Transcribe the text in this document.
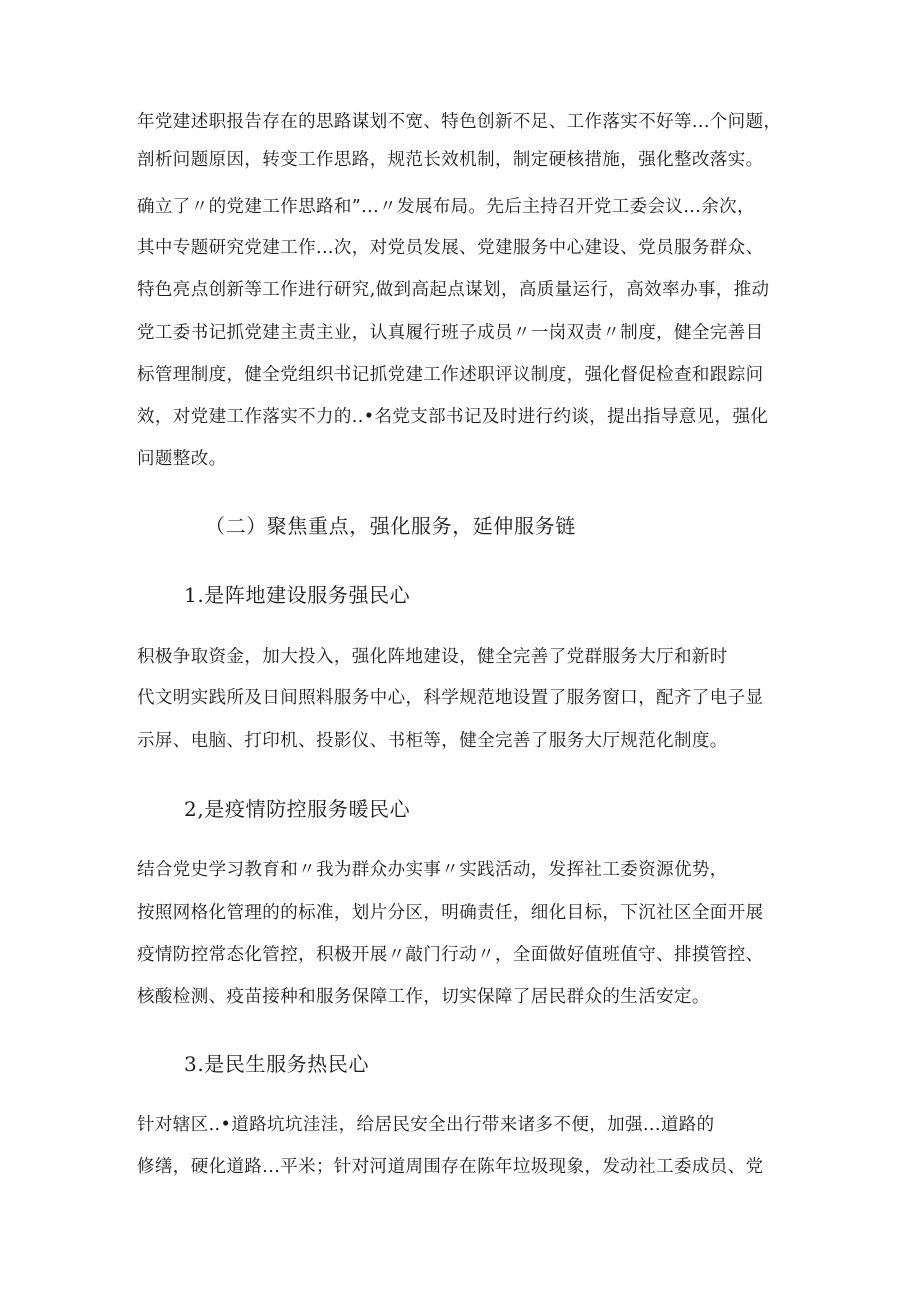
年党建述职报告存在的思路谋划不宽、特色创新不足、工作落实不好等...个问题，
剖析问题原因，转变工作思路，规范长效机制，制定硬核措施，强化整改落实。
确立了〃的党建工作思路和”...〃发展布局。先后主持召开党工委会议...余次，
其中专题研究党建工作...次，对党员发展、党建服务中心建设、党员服务群众、
特色亮点创新等工作进行研究,做到高起点谋划，高质量运行，高效率办事，推动
党工委书记抓党建主责主业，认真履行班子成员〃一岗双责〃制度，健全完善目
标管理制度，健全党组织书记抓党建工作述职评议制度，强化督促检查和跟踪问
效，对党建工作落实不力的..•名党支部书记及时进行约谈，提出指导意见，强化
问题整改。
（二）聚焦重点，强化服务，延伸服务链
1.是阵地建设服务强民心
积极争取资金，加大投入，强化阵地建设，健全完善了党群服务大厅和新时
代文明实践所及日间照料服务中心，科学规范地设置了服务窗口，配齐了电子显
示屏、电脑、打印机、投影仪、书柜等，健全完善了服务大厅规范化制度。
2,是疫情防控服务暖民心
结合党史学习教育和〃我为群众办实事〃实践活动，发挥社工委资源优势，
按照网格化管理的的标准，划片分区，明确责任，细化目标，下沉社区全面开展
疫情防控常态化管控，积极开展〃敲门行动〃，全面做好值班值守、排摸管控、
核酸检测、疫苗接种和服务保障工作，切实保障了居民群众的生活安定。
3.是民生服务热民心
针对辖区..•道路坑坑洼洼，给居民安全出行带来诸多不便，加强...道路的
修缮，硬化道路...平米；针对河道周围存在陈年垃圾现象，发动社工委成员、党
